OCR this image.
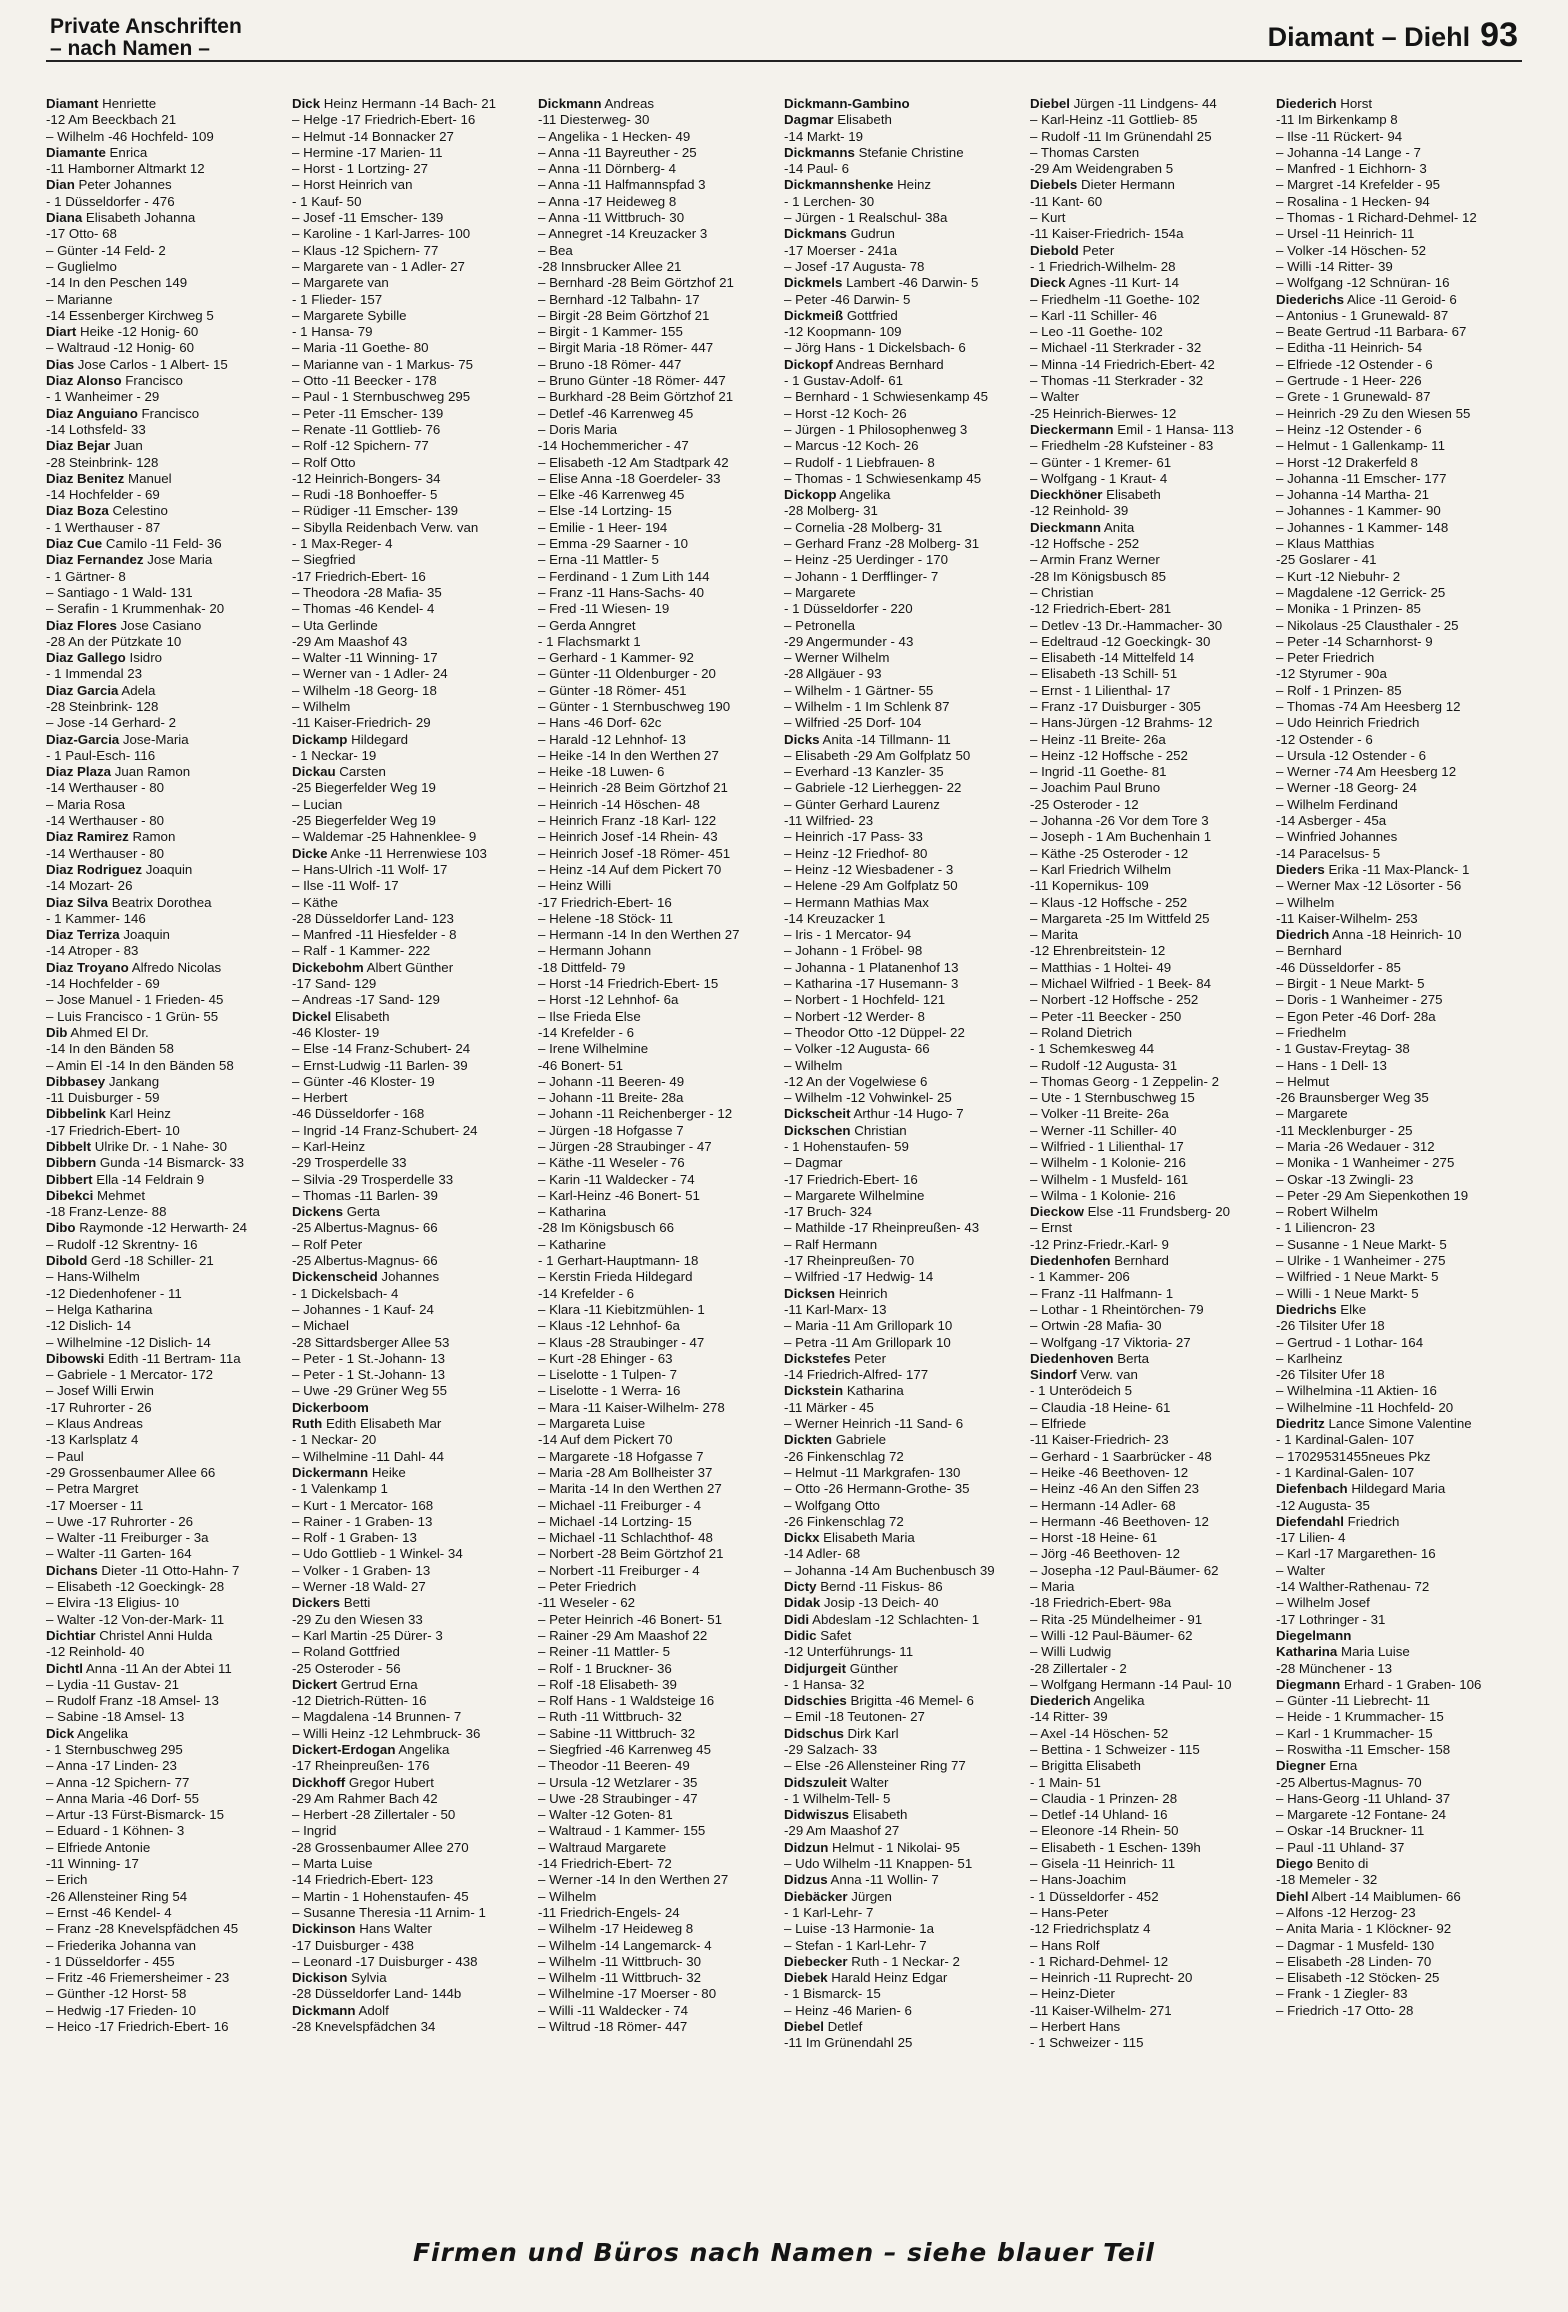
Private Anschriften
– nach Namen –	Diamant – Diehl 93
Diamant Henriette
-12 Am Beeckbach 21
– Wilhelm -46 Hochfeld- 109
Diamante Enrica
-11 Hamborner Altmarkt 12
Dian Peter Johannes
- 1 Düsseldorfer - 476
Diana Elisabeth Johanna
-17 Otto- 68
– Günter -14 Feld- 2
– Guglielmo
-14 In den Peschen 149
– Marianne
-14 Essenberger Kirchweg 5
Diart Heike -12 Honig- 60
– Waltraud -12 Honig- 60
Dias Jose Carlos - 1 Albert- 15
Diaz Alonso Francisco
- 1 Wanheimer - 29
Diaz Anguiano Francisco
-14 Lothsfeld- 33
Diaz Bejar Juan
-28 Steinbrink- 128
Diaz Benitez Manuel
-14 Hochfelder - 69
Diaz Boza Celestino
- 1 Werthauser - 87
Diaz Cue Camilo -11 Feld- 36
Diaz Fernandez Jose Maria
- 1 Gärtner- 8
– Santiago - 1 Wald- 131
– Serafin - 1 Krummenhak- 20
Diaz Flores Jose Casiano
-28 An der Pützkate 10
Diaz Gallego Isidro
- 1 Immendal 23
Diaz Garcia Adela
-28 Steinbrink- 128
– Jose -14 Gerhard- 2
Diaz-Garcia Jose-Maria
- 1 Paul-Esch- 116
Diaz Plaza Juan Ramon
-14 Werthauser - 80
– Maria Rosa
-14 Werthauser - 80
Diaz Ramirez Ramon
-14 Werthauser - 80
Diaz Rodriguez Joaquin
-14 Mozart- 26
Diaz Silva Beatrix Dorothea
- 1 Kammer- 146
Diaz Terriza Joaquin
-14 Atroper - 83
Diaz Troyano Alfredo Nicolas
-14 Hochfelder - 69
– Jose Manuel - 1 Frieden- 45
– Luis Francisco - 1 Grün- 55
Dib Ahmed El Dr.
-14 In den Bänden 58
– Amin El -14 In den Bänden 58
Dibbasey Jankang
-11 Duisburger - 59
Dibbelink Karl Heinz
-17 Friedrich-Ebert- 10
Dibbelt Ulrike Dr. - 1 Nahe- 30
Dibbern Gunda -14 Bismarck- 33
Dibbert Ella -14 Feldrain 9
Dibekci Mehmet
-18 Franz-Lenze- 88
Dibo Raymonde -12 Herwarth- 24
– Rudolf -12 Skrentny- 16
Dibold Gerd -18 Schiller- 21
– Hans-Wilhelm
-12 Diedenhofener - 11
– Helga Katharina
-12 Dislich- 14
– Wilhelmine -12 Dislich- 14
Dibowski Edith -11 Bertram- 11a
– Gabriele - 1 Mercator- 172
– Josef Willi Erwin
-17 Ruhrorter - 26
– Klaus Andreas
-13 Karlsplatz 4
– Paul
-29 Grossenbaumer Allee 66
– Petra Margret
-17 Moerser - 11
– Uwe -17 Ruhrorter - 26
– Walter -11 Freiburger - 3a
– Walter -11 Garten- 164
Dichans Dieter -11 Otto-Hahn- 7
– Elisabeth -12 Goeckingk- 28
– Elvira -13 Eligius- 10
– Walter -12 Von-der-Mark- 11
Dichtiar Christel Anni Hulda
-12 Reinhold- 40
Dichtl Anna -11 An der Abtei 11
– Lydia -11 Gustav- 21
– Rudolf Franz -18 Amsel- 13
– Sabine -18 Amsel- 13
Dick Angelika
- 1 Sternbuschweg 295
– Anna -17 Linden- 23
– Anna -12 Spichern- 77
– Anna Maria -46 Dorf- 55
– Artur -13 Fürst-Bismarck- 15
– Eduard - 1 Köhnen- 3
– Elfriede Antonie
-11 Winning- 17
– Erich
-26 Allensteiner Ring 54
– Ernst -46 Kendel- 4
– Franz -28 Knevelspfädchen 45
– Friederika Johanna van
- 1 Düsseldorfer - 455
– Fritz -46 Friemersheimer - 23
– Günther -12 Horst- 58
– Hedwig -17 Frieden- 10
– Heico -17 Friedrich-Ebert- 16
Dick Heinz Hermann -14 Bach- 21
– Helge -17 Friedrich-Ebert- 16
– Helmut -14 Bonnacker 27
– Hermine -17 Marien- 11
– Horst - 1 Lortzing- 27
– Horst Heinrich van
- 1 Kauf- 50
– Josef -11 Emscher- 139
– Karoline - 1 Karl-Jarres- 100
– Klaus -12 Spichern- 77
– Margarete van - 1 Adler- 27
– Margarete van
- 1 Flieder- 157
– Margarete Sybille
- 1 Hansa- 79
– Maria -11 Goethe- 80
– Marianne van - 1 Markus- 75
– Otto -11 Beecker - 178
– Paul - 1 Sternbuschweg 295
– Peter -11 Emscher- 139
– Renate -11 Gottlieb- 76
– Rolf -12 Spichern- 77
– Rolf Otto
-12 Heinrich-Bongers- 34
– Rudi -18 Bonhoeffer- 5
– Rüdiger -11 Emscher- 139
– Sibylla Reidenbach Verw. van
- 1 Max-Reger- 4
– Siegfried
-17 Friedrich-Ebert- 16
– Theodora -28 Mafia- 35
– Thomas -46 Kendel- 4
– Uta Gerlinde
-29 Am Maashof 43
– Walter -11 Winning- 17
– Werner van - 1 Adler- 24
– Wilhelm -18 Georg- 18
– Wilhelm
-11 Kaiser-Friedrich- 29
Dickamp Hildegard
- 1 Neckar- 19
Dickau Carsten
-25 Biegerfelder Weg 19
– Lucian
-25 Biegerfelder Weg 19
– Waldemar -25 Hahnenklee- 9
Dicke Anke -11 Herrenwiese 103
– Hans-Ulrich -11 Wolf- 17
– Ilse -11 Wolf- 17
– Käthe
-28 Düsseldorfer Land- 123
– Manfred -11 Hiesfelder - 8
– Ralf - 1 Kammer- 222
Dickebohm Albert Günther
-17 Sand- 129
– Andreas -17 Sand- 129
Dickel Elisabeth
-46 Kloster- 19
– Else -14 Franz-Schubert- 24
– Ernst-Ludwig -11 Barlen- 39
– Günter -46 Kloster- 19
– Herbert
-46 Düsseldorfer - 168
– Ingrid -14 Franz-Schubert- 24
– Karl-Heinz
-29 Trosperdelle 33
– Silvia -29 Trosperdelle 33
– Thomas -11 Barlen- 39
Dickens Gerta
-25 Albertus-Magnus- 66
– Rolf Peter
-25 Albertus-Magnus- 66
Dickenscheid Johannes
- 1 Dickelsbach- 4
– Johannes - 1 Kauf- 24
– Michael
-28 Sittardsberger Allee 53
– Peter - 1 St.-Johann- 13
– Peter - 1 St.-Johann- 13
– Uwe -29 Grüner Weg 55
Dickerboom
Ruth Edith Elisabeth Mar
- 1 Neckar- 20
– Wilhelmine -11 Dahl- 44
Dickermann Heike
- 1 Valenkamp 1
– Kurt - 1 Mercator- 168
– Rainer - 1 Graben- 13
– Rolf - 1 Graben- 13
– Udo Gottlieb - 1 Winkel- 34
– Volker - 1 Graben- 13
– Werner -18 Wald- 27
Dickers Betti
-29 Zu den Wiesen 33
– Karl Martin -25 Dürer- 3
– Roland Gottfried
-25 Osteroder - 56
Dickert Gertrud Erna
-12 Dietrich-Rütten- 16
– Magdalena -14 Brunnen- 7
– Willi Heinz -12 Lehmbruck- 36
Dickert-Erdogan Angelika
-17 Rheinpreußen- 176
Dickhoff Gregor Hubert
-29 Am Rahmer Bach 42
– Herbert -28 Zillertaler - 50
– Ingrid
-28 Grossenbaumer Allee 270
– Marta Luise
-14 Friedrich-Ebert- 123
– Martin - 1 Hohenstaufen- 45
– Susanne Theresia -11 Arnim- 1
Dickinson Hans Walter
-17 Duisburger - 438
– Leonard -17 Duisburger - 438
Dickison Sylvia
-28 Düsseldorfer Land- 144b
Dickmann Adolf
-28 Knevelspfädchen 34
Dickmann Andreas
-11 Diesterweg- 30
– Angelika - 1 Hecken- 49
– Anna -11 Bayreuther - 25
– Anna -11 Dörnberg- 4
– Anna -11 Halfmannspfad 3
– Anna -17 Heideweg 8
– Anna -11 Wittbruch- 30
– Annegret -14 Kreuzacker 3
– Bea
-28 Innsbrucker Allee 21
– Bernhard -28 Beim Görtzhof 21
– Bernhard -12 Talbahn- 17
– Birgit -28 Beim Görtzhof 21
– Birgit - 1 Kammer- 155
– Birgit Maria -18 Römer- 447
– Bruno -18 Römer- 447
– Bruno Günter -18 Römer- 447
– Burkhard -28 Beim Görtzhof 21
– Detlef -46 Karrenweg 45
– Doris Maria
-14 Hochemmericher - 47
– Elisabeth -12 Am Stadtpark 42
– Elise Anna -18 Goerdeler- 33
– Elke -46 Karrenweg 45
– Else -14 Lortzing- 15
– Emilie - 1 Heer- 194
– Emma -29 Saarner - 10
– Erna -11 Mattler- 5
– Ferdinand - 1 Zum Lith 144
– Franz -11 Hans-Sachs- 40
– Fred -11 Wiesen- 19
– Gerda Anngret
- 1 Flachsmarkt 1
– Gerhard - 1 Kammer- 92
– Günter -11 Oldenburger - 20
– Günter -18 Römer- 451
– Günter - 1 Sternbuschweg 190
– Hans -46 Dorf- 62c
– Harald -12 Lehnhof- 13
– Heike -14 In den Werthen 27
– Heike -18 Luwen- 6
– Heinrich -28 Beim Görtzhof 21
– Heinrich -14 Höschen- 48
– Heinrich Franz -18 Karl- 122
– Heinrich Josef -14 Rhein- 43
– Heinrich Josef -18 Römer- 451
– Heinz -14 Auf dem Pickert 70
– Heinz Willi
-17 Friedrich-Ebert- 16
– Helene -18 Stöck- 11
– Hermann -14 In den Werthen 27
– Hermann Johann
-18 Dittfeld- 79
– Horst -14 Friedrich-Ebert- 15
– Horst -12 Lehnhof- 6a
– Ilse Frieda Else
-14 Krefelder - 6
– Irene Wilhelmine
-46 Bonert- 51
– Johann -11 Beeren- 49
– Johann -11 Breite- 28a
– Johann -11 Reichenberger - 12
– Jürgen -18 Hofgasse 7
– Jürgen -28 Straubinger - 47
– Käthe -11 Weseler - 76
– Karin -11 Waldecker - 74
– Karl-Heinz -46 Bonert- 51
– Katharina
-28 Im Königsbusch 66
– Katharine
- 1 Gerhart-Hauptmann- 18
– Kerstin Frieda Hildegard
-14 Krefelder - 6
– Klara -11 Kiebitzmühlen- 1
– Klaus -12 Lehnhof- 6a
– Klaus -28 Straubinger - 47
– Kurt -28 Ehinger - 63
– Liselotte - 1 Tulpen- 7
– Liselotte - 1 Werra- 16
– Mara -11 Kaiser-Wilhelm- 278
– Margareta Luise
-14 Auf dem Pickert 70
– Margarete -18 Hofgasse 7
– Maria -28 Am Bollheister 37
– Marita -14 In den Werthen 27
– Michael -11 Freiburger - 4
– Michael -14 Lortzing- 15
– Michael -11 Schlachthof- 48
– Norbert -28 Beim Görtzhof 21
– Norbert -11 Freiburger - 4
– Peter Friedrich
-11 Weseler - 62
– Peter Heinrich -46 Bonert- 51
– Rainer -29 Am Maashof 22
– Reiner -11 Mattler- 5
– Rolf - 1 Bruckner- 36
– Rolf -18 Elisabeth- 39
– Rolf Hans - 1 Waldsteige 16
– Ruth -11 Wittbruch- 32
– Sabine -11 Wittbruch- 32
– Siegfried -46 Karrenweg 45
– Theodor -11 Beeren- 49
– Ursula -12 Wetzlarer - 35
– Uwe -28 Straubinger - 47
– Walter -12 Goten- 81
– Waltraud - 1 Kammer- 155
– Waltraud Margarete
-14 Friedrich-Ebert- 72
– Werner -14 In den Werthen 27
– Wilhelm
-11 Friedrich-Engels- 24
– Wilhelm -17 Heideweg 8
– Wilhelm -14 Langemarck- 4
– Wilhelm -11 Wittbruch- 30
– Wilhelm -11 Wittbruch- 32
– Wilhelmine -17 Moerser - 80
– Willi -11 Waldecker - 74
– Wiltrud -18 Römer- 447
Dickmann-Gambino
Dagmar Elisabeth
-14 Markt- 19
Dickmanns Stefanie Christine
-14 Paul- 6
Dickmannshenke Heinz
- 1 Lerchen- 30
– Jürgen - 1 Realschul- 38a
Dickmans Gudrun
-17 Moerser - 241a
– Josef -17 Augusta- 78
Dickmels Lambert -46 Darwin- 5
– Peter -46 Darwin- 5
Dickmeiß Gottfried
-12 Koopmann- 109
– Jörg Hans - 1 Dickelsbach- 6
Dickopf Andreas Bernhard
- 1 Gustav-Adolf- 61
– Bernhard - 1 Schwiesenkamp 45
– Horst -12 Koch- 26
– Jürgen - 1 Philosophenweg 3
– Marcus -12 Koch- 26
– Rudolf - 1 Liebfrauen- 8
– Thomas - 1 Schwiesenkamp 45
Dickopp Angelika
-28 Molberg- 31
– Cornelia -28 Molberg- 31
– Gerhard Franz -28 Molberg- 31
– Heinz -25 Uerdinger - 170
– Johann - 1 Derfflinger- 7
– Margarete
- 1 Düsseldorfer - 220
– Petronella
-29 Angermunder - 43
– Werner Wilhelm
-28 Allgäuer - 93
– Wilhelm - 1 Gärtner- 55
– Wilhelm - 1 Im Schlenk 87
– Wilfried -25 Dorf- 104
Dicks Anita -14 Tillmann- 11
– Elisabeth -29 Am Golfplatz 50
– Everhard -13 Kanzler- 35
– Gabriele -12 Lierheggen- 22
– Günter Gerhard Laurenz
-11 Wilfried- 23
– Heinrich -17 Pass- 33
– Heinz -12 Friedhof- 80
– Heinz -12 Wiesbadener - 3
– Helene -29 Am Golfplatz 50
– Hermann Mathias Max
-14 Kreuzacker 1
– Iris - 1 Mercator- 94
– Johann - 1 Fröbel- 98
– Johanna - 1 Platanenhof 13
– Katharina -17 Husemann- 3
– Norbert - 1 Hochfeld- 121
– Norbert -12 Werder- 8
– Theodor Otto -12 Düppel- 22
– Volker -12 Augusta- 66
– Wilhelm
-12 An der Vogelwiese 6
– Wilhelm -12 Vohwinkel- 25
Dickscheit Arthur -14 Hugo- 7
Dickschen Christian
- 1 Hohenstaufen- 59
– Dagmar
-17 Friedrich-Ebert- 16
– Margarete Wilhelmine
-17 Bruch- 324
– Mathilde -17 Rheinpreußen- 43
– Ralf Hermann
-17 Rheinpreußen- 70
– Wilfried -17 Hedwig- 14
Dicksen Heinrich
-11 Karl-Marx- 13
– Maria -11 Am Grillopark 10
– Petra -11 Am Grillopark 10
Dickstefes Peter
-14 Friedrich-Alfred- 177
Dickstein Katharina
-11 Märker - 45
– Werner Heinrich -11 Sand- 6
Dickten Gabriele
-26 Finkenschlag 72
– Helmut -11 Markgrafen- 130
– Otto -26 Hermann-Grothe- 35
– Wolfgang Otto
-26 Finkenschlag 72
Dickx Elisabeth Maria
-14 Adler- 68
– Johanna -14 Am Buchenbusch 39
Dicty Bernd -11 Fiskus- 86
Didak Josip -13 Deich- 40
Didi Abdeslam -12 Schlachten- 1
Didic Safet
-12 Unterführungs- 11
Didjurgeit Günther
- 1 Hansa- 32
Didschies Brigitta -46 Memel- 6
– Emil -18 Teutonen- 27
Didschus Dirk Karl
-29 Salzach- 33
– Else -26 Allensteiner Ring 77
Didszuleit Walter
- 1 Wilhelm-Tell- 5
Didwiszus Elisabeth
-29 Am Maashof 27
Didzun Helmut - 1 Nikolai- 95
– Udo Wilhelm -11 Knappen- 51
Didzus Anna -11 Wollin- 7
Diebäcker Jürgen
- 1 Karl-Lehr- 7
– Luise -13 Harmonie- 1a
– Stefan - 1 Karl-Lehr- 7
Diebecker Ruth - 1 Neckar- 2
Diebek Harald Heinz Edgar
- 1 Bismarck- 15
– Heinz -46 Marien- 6
Diebel Detlef
-11 Im Grünendahl 25
Diebel Jürgen -11 Lindgens- 44
– Karl-Heinz -11 Gottlieb- 85
– Rudolf -11 Im Grünendahl 25
– Thomas Carsten
-29 Am Weidengraben 5
Diebels Dieter Hermann
-11 Kant- 60
– Kurt
-11 Kaiser-Friedrich- 154a
Diebold Peter
- 1 Friedrich-Wilhelm- 28
Dieck Agnes -11 Kurt- 14
– Friedhelm -11 Goethe- 102
– Karl -11 Schiller- 46
– Leo -11 Goethe- 102
– Michael -11 Sterkrader - 32
– Minna -14 Friedrich-Ebert- 42
– Thomas -11 Sterkrader - 32
– Walter
-25 Heinrich-Bierwes- 12
Dieckermann Emil - 1 Hansa- 113
– Friedhelm -28 Kufsteiner - 83
– Günter - 1 Kremer- 61
– Wolfgang - 1 Kraut- 4
Dieckhöner Elisabeth
-12 Reinhold- 39
Dieckmann Anita
-12 Hoffsche - 252
– Armin Franz Werner
-28 Im Königsbusch 85
– Christian
-12 Friedrich-Ebert- 281
– Detlev -13 Dr.-Hammacher- 30
– Edeltraud -12 Goeckingk- 30
– Elisabeth -14 Mittelfeld 14
– Elisabeth -13 Schill- 51
– Ernst - 1 Lilienthal- 17
– Franz -17 Duisburger - 305
– Hans-Jürgen -12 Brahms- 12
– Heinz -11 Breite- 26a
– Heinz -12 Hoffsche - 252
– Ingrid -11 Goethe- 81
– Joachim Paul Bruno
-25 Osteroder - 12
– Johanna -26 Vor dem Tore 3
– Joseph - 1 Am Buchenhain 1
– Käthe -25 Osteroder - 12
– Karl Friedrich Wilhelm
-11 Kopernikus- 109
– Klaus -12 Hoffsche - 252
– Margareta -25 Im Wittfeld 25
– Marita
-12 Ehrenbreitstein- 12
– Matthias - 1 Holtei- 49
– Michael Wilfried - 1 Beek- 84
– Norbert -12 Hoffsche - 252
– Peter -11 Beecker - 250
– Roland Dietrich
- 1 Schemkesweg 44
– Rudolf -12 Augusta- 31
– Thomas Georg - 1 Zeppelin- 2
– Ute - 1 Sternbuschweg 15
– Volker -11 Breite- 26a
– Werner -11 Schiller- 40
– Wilfried - 1 Lilienthal- 17
– Wilhelm - 1 Kolonie- 216
– Wilhelm - 1 Musfeld- 161
– Wilma - 1 Kolonie- 216
Dieckow Else -11 Frundsberg- 20
– Ernst
-12 Prinz-Friedr.-Karl- 9
Diedenhofen Bernhard
- 1 Kammer- 206
– Franz -11 Halfmann- 1
– Lothar - 1 Rheintörchen- 79
– Ortwin -28 Mafia- 30
– Wolfgang -17 Viktoria- 27
Diedenhoven Berta
Sindorf Verw. van
- 1 Unterödeich 5
– Claudia -18 Heine- 61
– Elfriede
-11 Kaiser-Friedrich- 23
– Gerhard - 1 Saarbrücker - 48
– Heike -46 Beethoven- 12
– Heinz -46 An den Siffen 23
– Hermann -14 Adler- 68
– Hermann -46 Beethoven- 12
– Horst -18 Heine- 61
– Jörg -46 Beethoven- 12
– Josepha -12 Paul-Bäumer- 62
– Maria
-18 Friedrich-Ebert- 98a
– Rita -25 Mündelheimer - 91
– Willi -12 Paul-Bäumer- 62
– Willi Ludwig
-28 Zillertaler - 2
– Wolfgang Hermann -14 Paul- 10
Diederich Angelika
-14 Ritter- 39
– Axel -14 Höschen- 52
– Bettina - 1 Schweizer - 115
– Brigitta Elisabeth
- 1 Main- 51
– Claudia - 1 Prinzen- 28
– Detlef -14 Uhland- 16
– Eleonore -14 Rhein- 50
– Elisabeth - 1 Eschen- 139h
– Gisela -11 Heinrich- 11
– Hans-Joachim
- 1 Düsseldorfer - 452
– Hans-Peter
-12 Friedrichsplatz 4
– Hans Rolf
- 1 Richard-Dehmel- 12
– Heinrich -11 Ruprecht- 20
– Heinz-Dieter
-11 Kaiser-Wilhelm- 271
– Herbert Hans
- 1 Schweizer - 115
Diederich Horst
-11 Im Birkenkamp 8
– Ilse -11 Rückert- 94
– Johanna -14 Lange - 7
– Manfred - 1 Eichhorn- 3
– Margret -14 Krefelder - 95
– Rosalina - 1 Hecken- 94
– Thomas - 1 Richard-Dehmel- 12
– Ursel -11 Heinrich- 11
– Volker -14 Höschen- 52
– Willi -14 Ritter- 39
– Wolfgang -12 Schnüran- 16
Diederichs Alice -11 Geroid- 6
– Antonius - 1 Grunewald- 87
– Beate Gertrud -11 Barbara- 67
– Editha -11 Heinrich- 54
– Elfriede -12 Ostender - 6
– Gertrude - 1 Heer- 226
– Grete - 1 Grunewald- 87
– Heinrich -29 Zu den Wiesen 55
– Heinz -12 Ostender - 6
– Helmut - 1 Gallenkamp- 11
– Horst -12 Drakerfeld 8
– Johanna -11 Emscher- 177
– Johanna -14 Martha- 21
– Johannes - 1 Kammer- 90
– Johannes - 1 Kammer- 148
– Klaus Matthias
-25 Goslarer - 41
– Kurt -12 Niebuhr- 2
– Magdalene -12 Gerrick- 25
– Monika - 1 Prinzen- 85
– Nikolaus -25 Clausthaler - 25
– Peter -14 Scharnhorst- 9
– Peter Friedrich
-12 Styrumer - 90a
– Rolf - 1 Prinzen- 85
– Thomas -74 Am Heesberg 12
– Udo Heinrich Friedrich
-12 Ostender - 6
– Ursula -12 Ostender - 6
– Werner -74 Am Heesberg 12
– Werner -18 Georg- 24
– Wilhelm Ferdinand
-14 Asberger - 45a
– Winfried Johannes
-14 Paracelsus- 5
Dieders Erika -11 Max-Planck- 1
– Werner Max -12 Lösorter - 56
– Wilhelm
-11 Kaiser-Wilhelm- 253
Diedrich Anna -18 Heinrich- 10
– Bernhard
-46 Düsseldorfer - 85
– Birgit - 1 Neue Markt- 5
– Doris - 1 Wanheimer - 275
– Egon Peter -46 Dorf- 28a
– Friedhelm
- 1 Gustav-Freytag- 38
– Hans - 1 Dell- 13
– Helmut
-26 Braunsberger Weg 35
– Margarete
-11 Mecklenburger - 25
– Maria -26 Wedauer - 312
– Monika - 1 Wanheimer - 275
– Oskar -13 Zwingli- 23
– Peter -29 Am Siepenkothen 19
– Robert Wilhelm
- 1 Liliencron- 23
– Susanne - 1 Neue Markt- 5
– Ulrike - 1 Wanheimer - 275
– Wilfried - 1 Neue Markt- 5
– Willi - 1 Neue Markt- 5
Diedrichs Elke
-26 Tilsiter Ufer 18
– Gertrud - 1 Lothar- 164
– Karlheinz
-26 Tilsiter Ufer 18
– Wilhelmina -11 Aktien- 16
– Wilhelmine -11 Hochfeld- 20
Diedritz Lance Simone Valentine
- 1 Kardinal-Galen- 107
– 17029531455neues Pkz
- 1 Kardinal-Galen- 107
Diefenbach Hildegard Maria
-12 Augusta- 35
Diefendahl Friedrich
-17 Lilien- 4
– Karl -17 Margarethen- 16
– Walter
-14 Walther-Rathenau- 72
– Wilhelm Josef
-17 Lothringer - 31
Diegelmann
Katharina Maria Luise
-28 Münchener - 13
Diegmann Erhard - 1 Graben- 106
– Günter -11 Liebrecht- 11
– Heide - 1 Krummacher- 15
– Karl - 1 Krummacher- 15
– Roswitha -11 Emscher- 158
Diegner Erna
-25 Albertus-Magnus- 70
– Hans-Georg -11 Uhland- 37
– Margarete -12 Fontane- 24
– Oskar -14 Bruckner- 11
– Paul -11 Uhland- 37
Diego Benito di
-18 Memeler - 32
Diehl Albert -14 Maiblumen- 66
– Alfons -12 Herzog- 23
– Anita Maria - 1 Klöckner- 92
– Dagmar - 1 Musfeld- 130
– Elisabeth -28 Linden- 70
– Elisabeth -12 Stöcken- 25
– Frank - 1 Ziegler- 83
– Friedrich -17 Otto- 28
Firmen und Büros nach Namen – siehe blauer Teil
